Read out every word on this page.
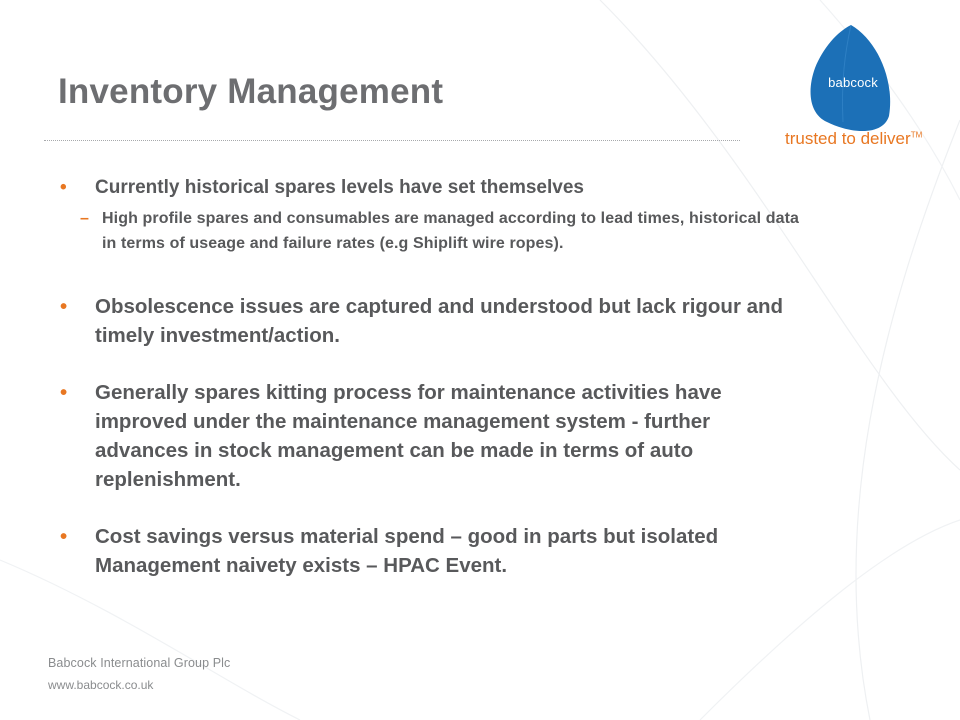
Inventory Management	babcock
trusted to deliver™
• Currently historical spares levels have set themselves
– High profile spares and consumables are managed according to lead times, historical data in terms of useage and failure rates (e.g Shiplift wire ropes).
• Obsolescence issues are captured and understood but lack rigour and timely investment/action.
• Generally spares kitting process for maintenance activities have improved under the maintenance management system - further advances in stock management can be made in terms of auto replenishment.
• Cost savings versus material spend – good in parts but isolated Management naivety exists – HPAC Event.
Babcock International Group Plc
www.babcock.co.uk
